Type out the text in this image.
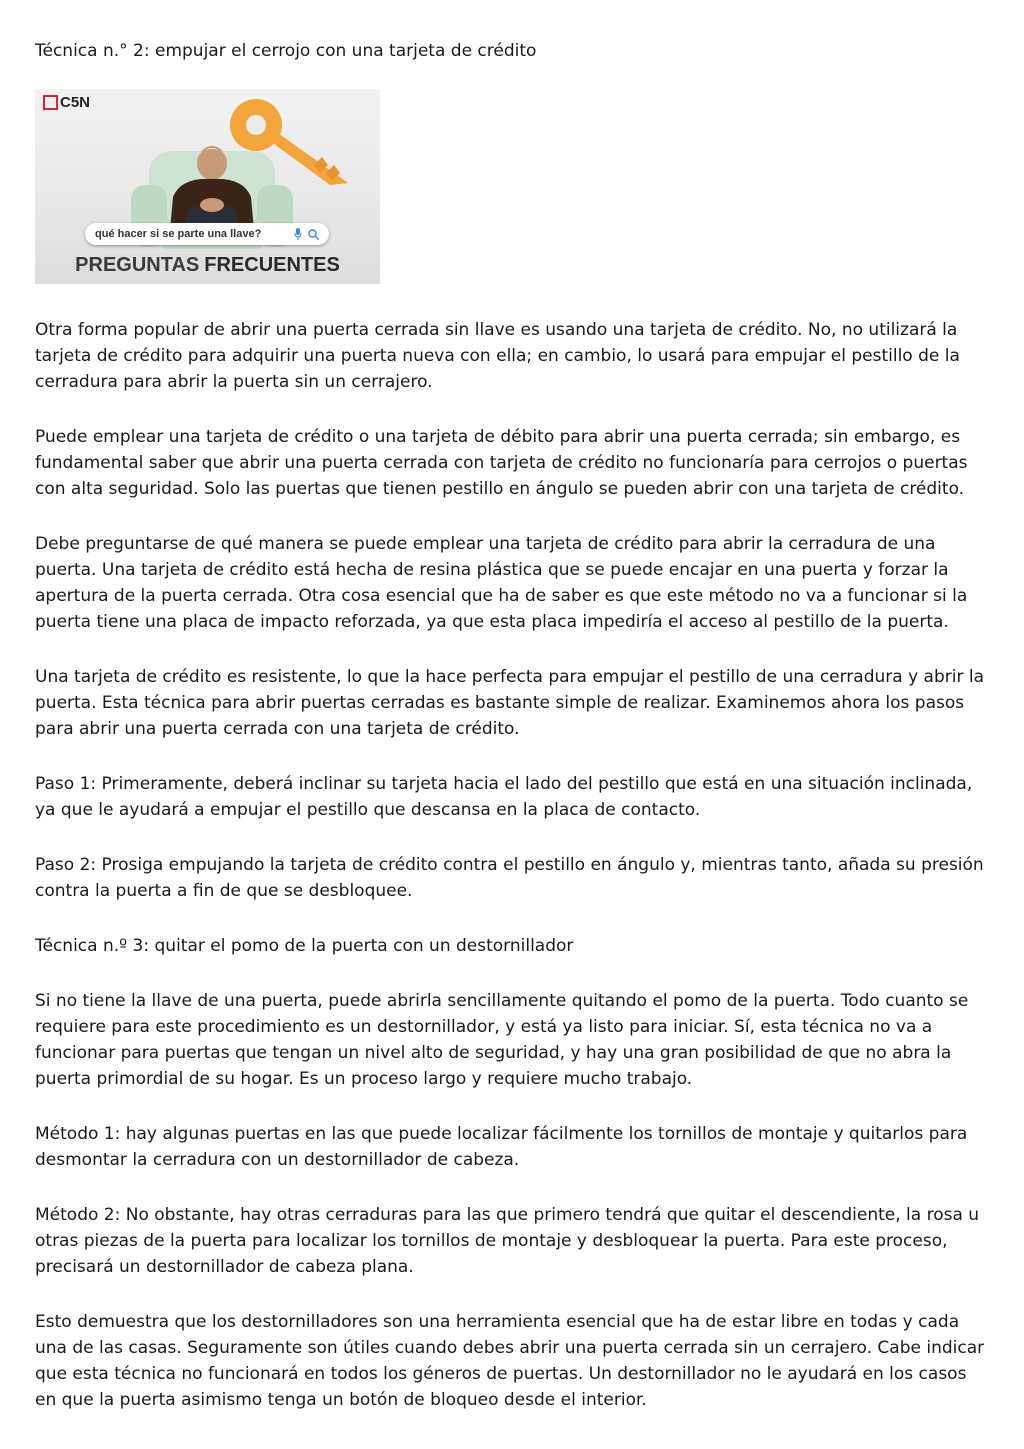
Técnica n.° 2: empujar el cerrojo con una tarjeta de crédito

C5N
qué hacer si se parte una llave?
PREGUNTAS FRECUENTES

Otra forma popular de abrir una puerta cerrada sin llave es usando una tarjeta de crédito. No, no utilizará la tarjeta de crédito para adquirir una puerta nueva con ella; en cambio, lo usará para empujar el pestillo de la cerradura para abrir la puerta sin un cerrajero.

Puede emplear una tarjeta de crédito o una tarjeta de débito para abrir una puerta cerrada; sin embargo, es fundamental saber que abrir una puerta cerrada con tarjeta de crédito no funcionaría para cerrojos o puertas con alta seguridad. Solo las puertas que tienen pestillo en ángulo se pueden abrir con una tarjeta de crédito.

Debe preguntarse de qué manera se puede emplear una tarjeta de crédito para abrir la cerradura de una puerta. Una tarjeta de crédito está hecha de resina plástica que se puede encajar en una puerta y forzar la apertura de la puerta cerrada. Otra cosa esencial que ha de saber es que este método no va a funcionar si la puerta tiene una placa de impacto reforzada, ya que esta placa impediría el acceso al pestillo de la puerta.

Una tarjeta de crédito es resistente, lo que la hace perfecta para empujar el pestillo de una cerradura y abrir la puerta. Esta técnica para abrir puertas cerradas es bastante simple de realizar. Examinemos ahora los pasos para abrir una puerta cerrada con una tarjeta de crédito.

Paso 1: Primeramente, deberá inclinar su tarjeta hacia el lado del pestillo que está en una situación inclinada, ya que le ayudará a empujar el pestillo que descansa en la placa de contacto.

Paso 2: Prosiga empujando la tarjeta de crédito contra el pestillo en ángulo y, mientras tanto, añada su presión contra la puerta a fin de que se desbloquee.

Técnica n.º 3: quitar el pomo de la puerta con un destornillador

Si no tiene la llave de una puerta, puede abrirla sencillamente quitando el pomo de la puerta. Todo cuanto se requiere para este procedimiento es un destornillador, y está ya listo para iniciar. Sí, esta técnica no va a funcionar para puertas que tengan un nivel alto de seguridad, y hay una gran posibilidad de que no abra la puerta primordial de su hogar. Es un proceso largo y requiere mucho trabajo.

Método 1: hay algunas puertas en las que puede localizar fácilmente los tornillos de montaje y quitarlos para desmontar la cerradura con un destornillador de cabeza.

Método 2: No obstante, hay otras cerraduras para las que primero tendrá que quitar el descendiente, la rosa u otras piezas de la puerta para localizar los tornillos de montaje y desbloquear la puerta. Para este proceso, precisará un destornillador de cabeza plana.

Esto demuestra que los destornilladores son una herramienta esencial que ha de estar libre en todas y cada una de las casas. Seguramente son útiles cuando debes abrir una puerta cerrada sin un cerrajero. Cabe indicar que esta técnica no funcionará en todos los géneros de puertas. Un destornillador no le ayudará en los casos en que la puerta asimismo tenga un botón de bloqueo desde el interior.
